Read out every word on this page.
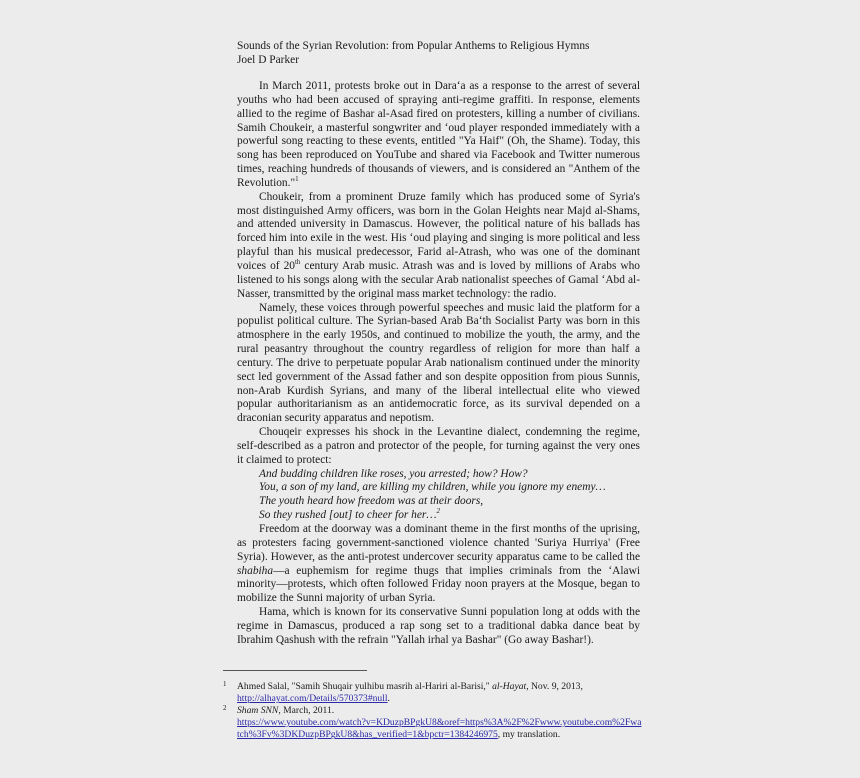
Sounds of the Syrian Revolution: from Popular Anthems to Religious Hymns
Joel D Parker

In March 2011, protests broke out in Dara‘a as a response to the arrest of several youths who had been accused of spraying anti-regime graffiti. In response, elements allied to the regime of Bashar al-Asad fired on protesters, killing a number of civilians. Samih Choukeir, a masterful songwriter and ‘oud player responded immediately with a powerful song reacting to these events, entitled "Ya Haif" (Oh, the Shame). Today, this song has been reproduced on YouTube and shared via Facebook and Twitter numerous times, reaching hundreds of thousands of viewers, and is considered an "Anthem of the Revolution."$^1$

Choukeir, from a prominent Druze family which has produced some of Syria's most distinguished Army officers, was born in the Golan Heights near Majd al-Shams, and attended university in Damascus. However, the political nature of his ballads has forced him into exile in the west. His ‘oud playing and singing is more political and less playful than his musical predecessor, Farid al-Atrash, who was one of the dominant voices of 20th century Arab music. Atrash was and is loved by millions of Arabs who listened to his songs along with the secular Arab nationalist speeches of Gamal ‘Abd al-Nasser, transmitted by the original mass market technology: the radio.

Namely, these voices through powerful speeches and music laid the platform for a populist political culture. The Syrian-based Arab Ba‘th Socialist Party was born in this atmosphere in the early 1950s, and continued to mobilize the youth, the army, and the rural peasantry throughout the country regardless of religion for more than half a century. The drive to perpetuate popular Arab nationalism continued under the minority sect led government of the Assad father and son despite opposition from pious Sunnis, non-Arab Kurdish Syrians, and many of the liberal intellectual elite who viewed popular authoritarianism as an antidemocratic force, as its survival depended on a draconian security apparatus and nepotism.

Chouqeir expresses his shock in the Levantine dialect, condemning the regime, self-described as a patron and protector of the people, for turning against the very ones it claimed to protect:

And budding children like roses, you arrested; how? How?
You, a son of my land, are killing my children, while you ignore my enemy…
The youth heard how freedom was at their doors,
So they rushed [out] to cheer for her…$^2$

Freedom at the doorway was a dominant theme in the first months of the uprising, as protesters facing government-sanctioned violence chanted 'Suriya Hurriya' (Free Syria). However, as the anti-protest undercover security apparatus came to be called the shabiha—a euphemism for regime thugs that implies criminals from the ‘Alawi minority—protests, which often followed Friday noon prayers at the Mosque, began to mobilize the Sunni majority of urban Syria.

Hama, which is known for its conservative Sunni population long at odds with the regime in Damascus, produced a rap song set to a traditional dabka dance beat by Ibrahim Qashush with the refrain "Yallah irhal ya Bashar" (Go away Bashar!).

1 Ahmed Salal, "Samih Shuqair yulhibu masrih al-Hariri al-Barisi," al-Hayat, Nov. 9, 2013,
http://alhayat.com/Details/570373#null.
2 Sham SNN, March, 2011.
https://www.youtube.com/watch?v=KDuzpBPgkU8&oref=https%3A%2F%2Fwww.youtube.com%2Fwatch%3Fv%3DKDuzpBPgkU8&has_verified=1&bpctr=1384246975, my translation.
